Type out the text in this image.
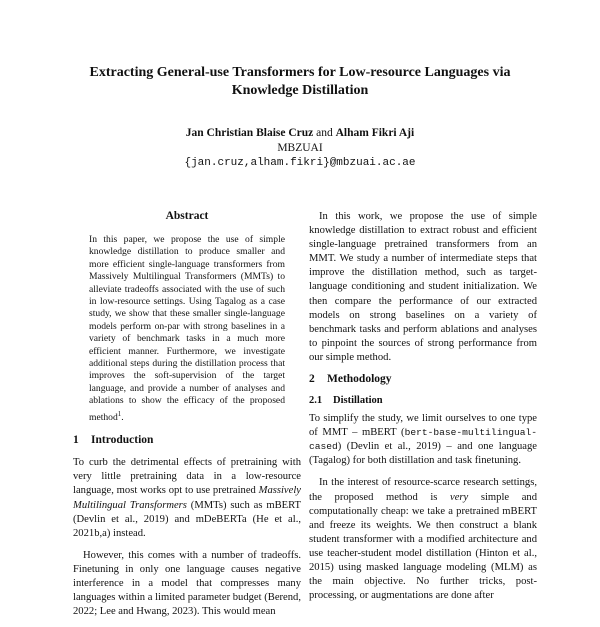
Extracting General-use Transformers for Low-resource Languages via Knowledge Distillation
Jan Christian Blaise Cruz and Alham Fikri Aji
MBZUAI
{jan.cruz,alham.fikri}@mbzuai.ac.ae
Abstract
In this paper, we propose the use of simple knowledge distillation to produce smaller and more efficient single-language transformers from Massively Multilingual Transformers (MMTs) to alleviate tradeoffs associated with the use of such in low-resource settings. Using Tagalog as a case study, we show that these smaller single-language models perform on-par with strong baselines in a variety of benchmark tasks in a much more efficient manner. Furthermore, we investigate additional steps during the distillation process that improves the soft-supervision of the target language, and provide a number of analyses and ablations to show the efficacy of the proposed method$^1$.
1 Introduction
To curb the detrimental effects of pretraining with very little pretraining data in a low-resource language, most works opt to use pretrained Massively Multilingual Transformers (MMTs) such as mBERT (Devlin et al., 2019) and mDeBERTa (He et al., 2021b,a) instead.
However, this comes with a number of tradeoffs. Finetuning in only one language causes negative interference in a model that compresses many languages within a limited parameter budget (Berend, 2022; Lee and Hwang, 2023). This would mean
In this work, we propose the use of simple knowledge distillation to extract robust and efficient single-language pretrained transformers from an MMT. We study a number of intermediate steps that improve the distillation method, such as target-language conditioning and student initialization. We then compare the performance of our extracted models on strong baselines on a variety of benchmark tasks and perform ablations and analyses to pinpoint the sources of strong performance from our simple method.
2 Methodology
2.1 Distillation
To simplify the study, we limit ourselves to one type of MMT – mBERT (bert-base-multilingual-cased) (Devlin et al., 2019) – and one language (Tagalog) for both distillation and task finetuning.
In the interest of resource-scarce research settings, the proposed method is very simple and computationally cheap: we take a pretrained mBERT and freeze its weights. We then construct a blank student transformer with a modified architecture and use teacher-student model distillation (Hinton et al., 2015) using masked language modeling (MLM) as the main objective. No further tricks, post-processing, or augmentations are done after
